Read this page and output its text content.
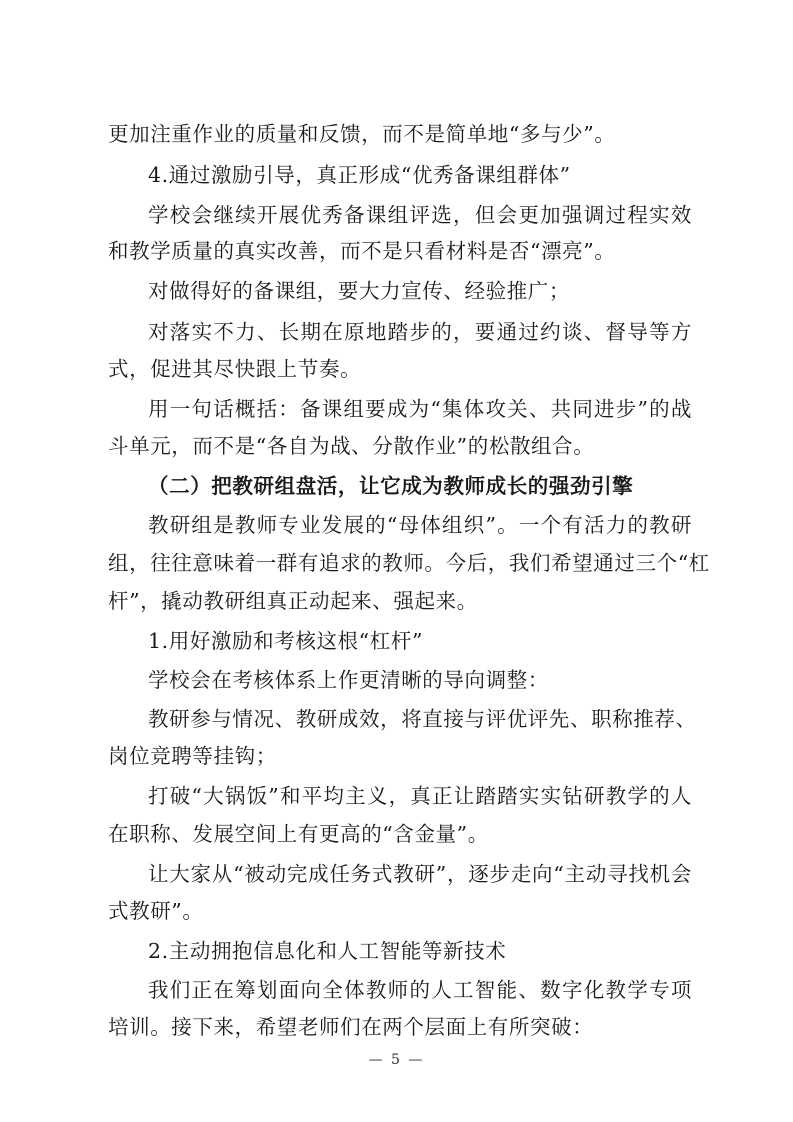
更加注重作业的质量和反馈，而不是简单地“多与少”。
4.通过激励引导，真正形成“优秀备课组群体”
学校会继续开展优秀备课组评选，但会更加强调过程实效
和教学质量的真实改善，而不是只看材料是否“漂亮”。
对做得好的备课组，要大力宣传、经验推广；
对落实不力、长期在原地踏步的，要通过约谈、督导等方
式，促进其尽快跟上节奏。
用一句话概括：备课组要成为“集体攻关、共同进步”的战
斗单元，而不是“各自为战、分散作业”的松散组合。
（二）把教研组盘活，让它成为教师成长的强劲引擎
教研组是教师专业发展的“母体组织”。一个有活力的教研
组，往往意味着一群有追求的教师。今后，我们希望通过三个“杠
杆”，撬动教研组真正动起来、强起来。
1.用好激励和考核这根“杠杆”
学校会在考核体系上作更清晰的导向调整：
教研参与情况、教研成效，将直接与评优评先、职称推荐、
岗位竞聘等挂钩；
打破“大锅饭”和平均主义，真正让踏踏实实钻研教学的人
在职称、发展空间上有更高的“含金量”。
让大家从“被动完成任务式教研”，逐步走向“主动寻找机会
式教研”。
2.主动拥抱信息化和人工智能等新技术
我们正在筹划面向全体教师的人工智能、数字化教学专项
培训。接下来，希望老师们在两个层面上有所突破：
— 5 —
